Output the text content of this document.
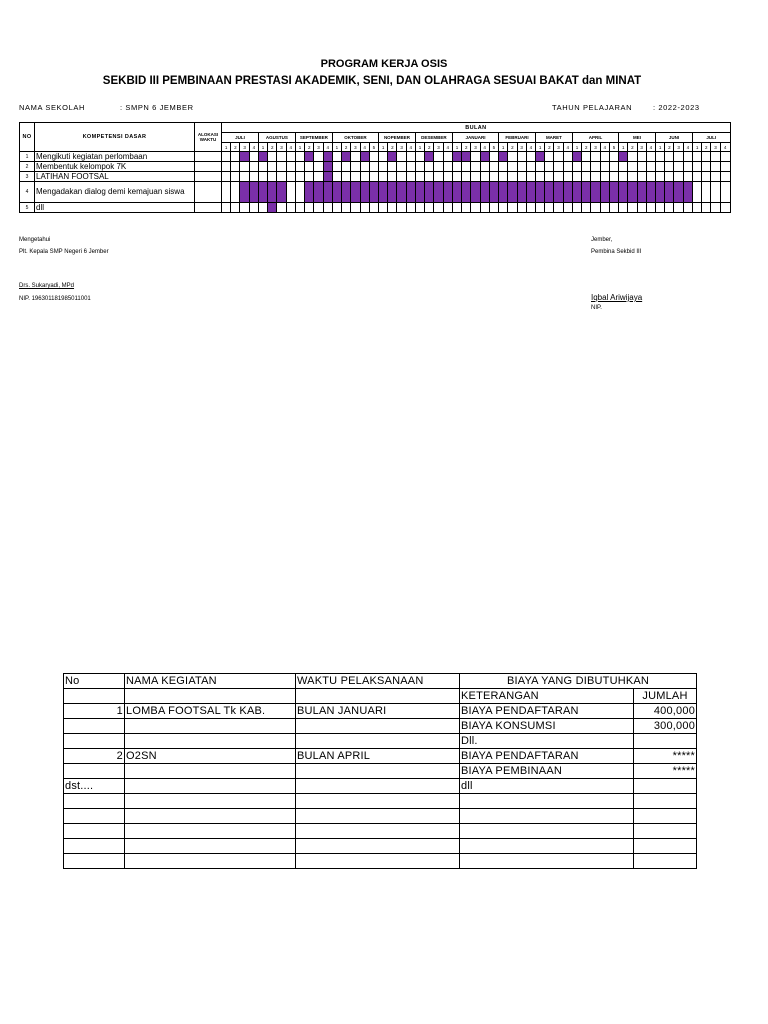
PROGRAM KERJA OSIS
SEKBID III PEMBINAAN PRESTASI AKADEMIK, SENI, DAN OLAHRAGA SESUAI BAKAT dan MINAT
NAMA SEKOLAH	: SMPN 6 JEMBER	TAHUN PELAJARAN	: 2022-2023
NO	KOMPETENSI DASAR	ALOKASI WAKTU	BULAN																																																						
			JULI				AGUSTUS				SEPTEMBER				OKTOBER					NOPEMBER				DESEMBER				JANUARI					FEBRUARI				MARET				APRIL					MEI				JUNI				JULI			
			1	2	3	4	1	2	3	4	1	2	3	4	1	2	3	4	5	1	2	3	4	1	2	3	4	1	2	3	4	5	1	2	3	4	1	2	3	4	1	2	3	4	5	1	2	3	4	1	2	3	4	1	2	3	4
1	Mengikuti kegiatan perlombaan																																																								
2	Membentuk kelompok 7K																																																								
3	LATIHAN FOOTSAL																																																								
4	Mengadakan dialog demi kemajuan siswa																																																								
5	dll																																																								
Mengetahui
Plt. Kepala SMP Negeri 6 Jember
Drs. Sukaryadi, MPd
NIP. 196301181985011001
Jember,
Pembina Sekbid III
Iqbal Ariwijaya
NIP.
No	NAMA KEGIATAN	WAKTU PELAKSANAAN	BIAYA YANG DIBUTUHKAN	
			KETERANGAN	JUMLAH
1	LOMBA FOOTSAL Tk KAB.	BULAN JANUARI	BIAYA PENDAFTARAN	400,000
			BIAYA KONSUMSI	300,000
			Dll.	
2	O2SN	BULAN APRIL	BIAYA PENDAFTARAN	*****
			BIAYA PEMBINAAN	*****
dst....			dll	
